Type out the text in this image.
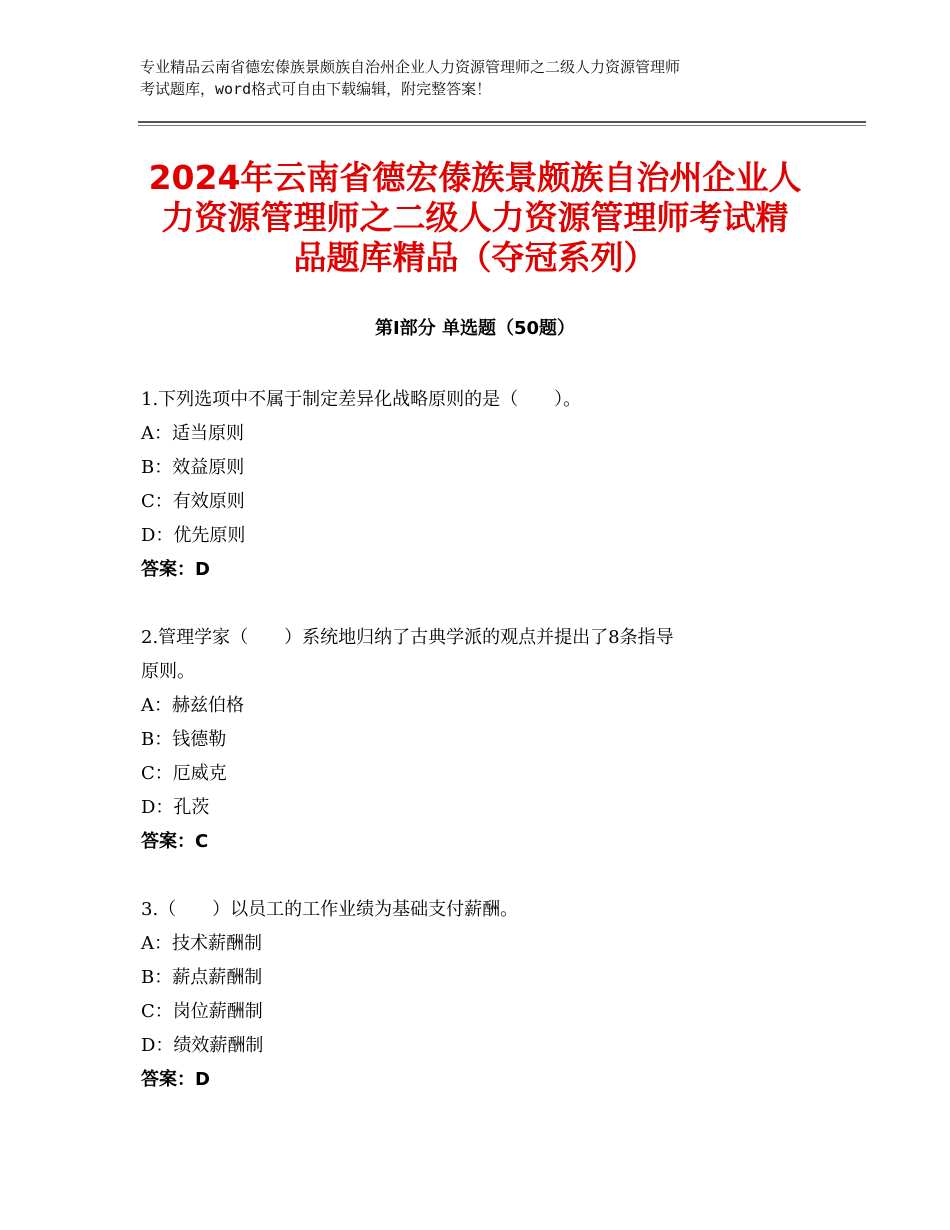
专业精品云南省德宏傣族景颇族自治州企业人力资源管理师之二级人力资源管理师
考试题库，word格式可自由下载编辑，附完整答案！
2024年云南省德宏傣族景颇族自治州企业人
力资源管理师之二级人力资源管理师考试精
品题库精品（夺冠系列）
第Ⅰ部分 单选题（50题）
1.下列选项中不属于制定差异化战略原则的是（　　）。
A：适当原则
B：效益原则
C：有效原则
D：优先原则
答案：D
2.管理学家（　　）系统地归纳了古典学派的观点并提出了8条指导
原则。
A：赫兹伯格
B：钱德勒
C：厄威克
D：孔茨
答案：C
3.（　　）以员工的工作业绩为基础支付薪酬。
A：技术薪酬制
B：薪点薪酬制
C：岗位薪酬制
D：绩效薪酬制
答案：D
